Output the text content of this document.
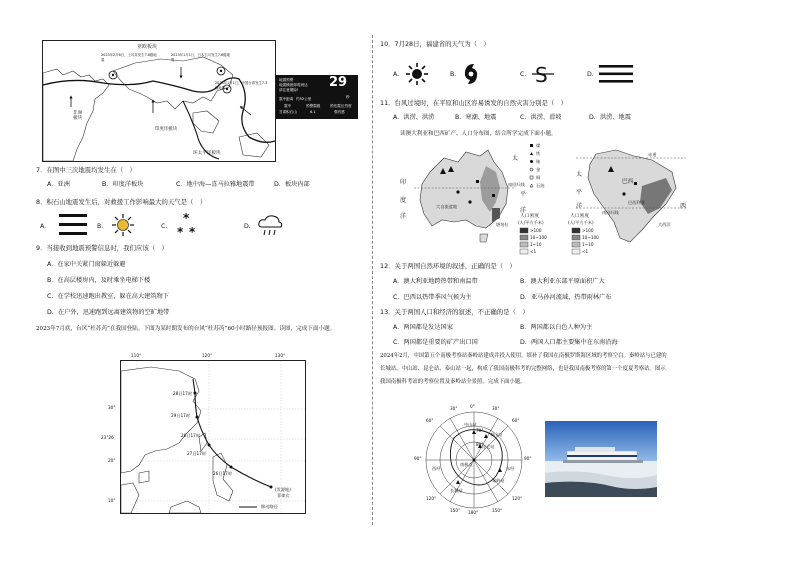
亚欧板块
2023年2月6日，土耳其发生7.8级地震
2023年1月1日，日本石川发生7.6级地震
2024年1月1日，中国台湾发生7.3级地震
非洲板块
印度洋板块
环太平洋板块
地震预警
地震横波即将到达
请注意避险! 29
秒
震中距离 约52公里
震中	预警震级	预估震区烈度
甘肃积石山	6.1	强有感
7．在图中三次地震均发生在（　）
A．亚洲	B．印度洋板块	C．地中海—喜马拉雅地震带	D．板块内部
8．积石山地震发生后，对救援工作影响最大的天气是（　）
A.	B.	C.
*
* *	D.
9．当接收到地震预警信息时，我们应该（　）
A．在家中关紧门窗躲近躲避
B．在高层楼房内，及时乘坐电梯下楼
C．在学校迅速跑出教室，躲在高大建筑物下
D．在户外，迅速跑到远离建筑物的空旷地带
2023年7月底，台风“杜苏芮”在我国登陆。下图为某时期发布的台风“杜苏芮”60小时路径预报图。读图，完成下面小题。
28日17时
29日17时
28日17时
27日17时
26日17时
(发源地)
菲律宾
移动路径
110°	120°	130°
30°
23°26′
20°
10°
10．7月28日，福建省的天气为（　）
A.	B.	C. S	D.
11．台风过境时，在平原和山区容易诱发的自然灾害分别是（　）
A．洪涝、洪涝	B．寒潮、地震	C．洪涝、滑坡	D．洪涝、地震
读澳大利亚和巴西矿产、人口分布图，结合所学完成下面小题。
印
度
洋
太
平
洋
南回归线
大自流盆地
堪培拉
煤
铁
铀
金
铜
石油
人口密度
(人/平方千米)
>100
10~100
1~10
<1
人口密度
(人/平方千米)
>100
10~100
1~10
<1
赤道
太
平
洋
巴西
巴西利亚
南回归线
大西洋
西
12．关于两国自然环境的叙述，正确的是（　）
A．澳大利亚地跨热带和南温带	B．澳大利亚东部平原面积广大
C．巴西以热带季风气候为主	D．亚马孙河流域，热带雨林广布
13．关于两国人口和经济的叙述，不正确的是（　）
A．两国都是发达国家	B．两国都以白色人种为主
C．两国都是重要的矿产出口国	D．两国人口都主要集中在东南沿海
2024年2月，中国第五个南极考察站秦岭站建成并投入使用，填补了我国在南极罗斯海区域的考察空白。秦岭站与已建的长城站、中山站、昆仑站、泰山站一起，构成了我国南极科考的完整网络，也是我国南极考察的第一个度夏考察站。图示我国南极科考站的考察位置及秦岭站全景照。完成下面小题。
0°
30°	30°
60°	60°
90°	90°
120°	120°
150°	150°
180°
东经
西经
中山站
泰山站
昆仑站
南极点
长城站
秦岭站
80°
70°
